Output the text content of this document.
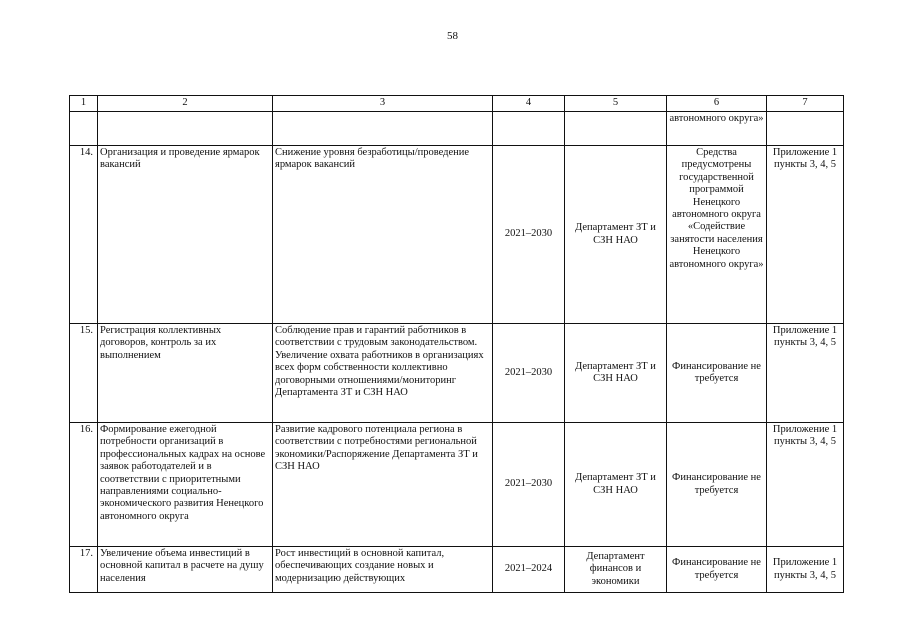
58
1	2	3	4	5	6	7
					автономного округа»	
14.	Организация и проведение ярмарок вакансий	Снижение уровня безработицы/проведение ярмарок вакансий	2021–2030	Департамент ЗТ и СЗН НАО	Средства предусмотрены государственной программой Ненецкого автономного округа «Содействие занятости населения Ненецкого автономного округа»	Приложение 1 пункты 3, 4, 5
15.	Регистрация коллективных договоров, контроль за их выполнением	Соблюдение прав и гарантий работников в соответствии с трудовым законодательством. Увеличение охвата работников в организациях всех форм собственности коллективно договорными отношениями/мониторинг Департамента ЗТ и СЗН НАО	2021–2030	Департамент ЗТ и СЗН НАО	Финансирование не требуется	Приложение 1 пункты 3, 4, 5
16.	Формирование ежегодной потребности организаций в профессиональных кадрах на основе заявок работодателей и в соответствии с приоритетными направлениями социально-экономического развития Ненецкого автономного округа	Развитие кадрового потенциала региона в соответствии с потребностями региональной экономики/Распоряжение Департамента ЗТ и СЗН НАО	2021–2030	Департамент ЗТ и СЗН НАО	Финансирование не требуется	Приложение 1 пункты 3, 4, 5
17.	Увеличение объема инвестиций в основной капитал в расчете на душу населения	Рост инвестиций в основной капитал, обеспечивающих создание новых и модернизацию действующих	2021–2024	Департамент финансов и экономики	Финансирование не требуется	Приложение 1 пункты 3, 4, 5
